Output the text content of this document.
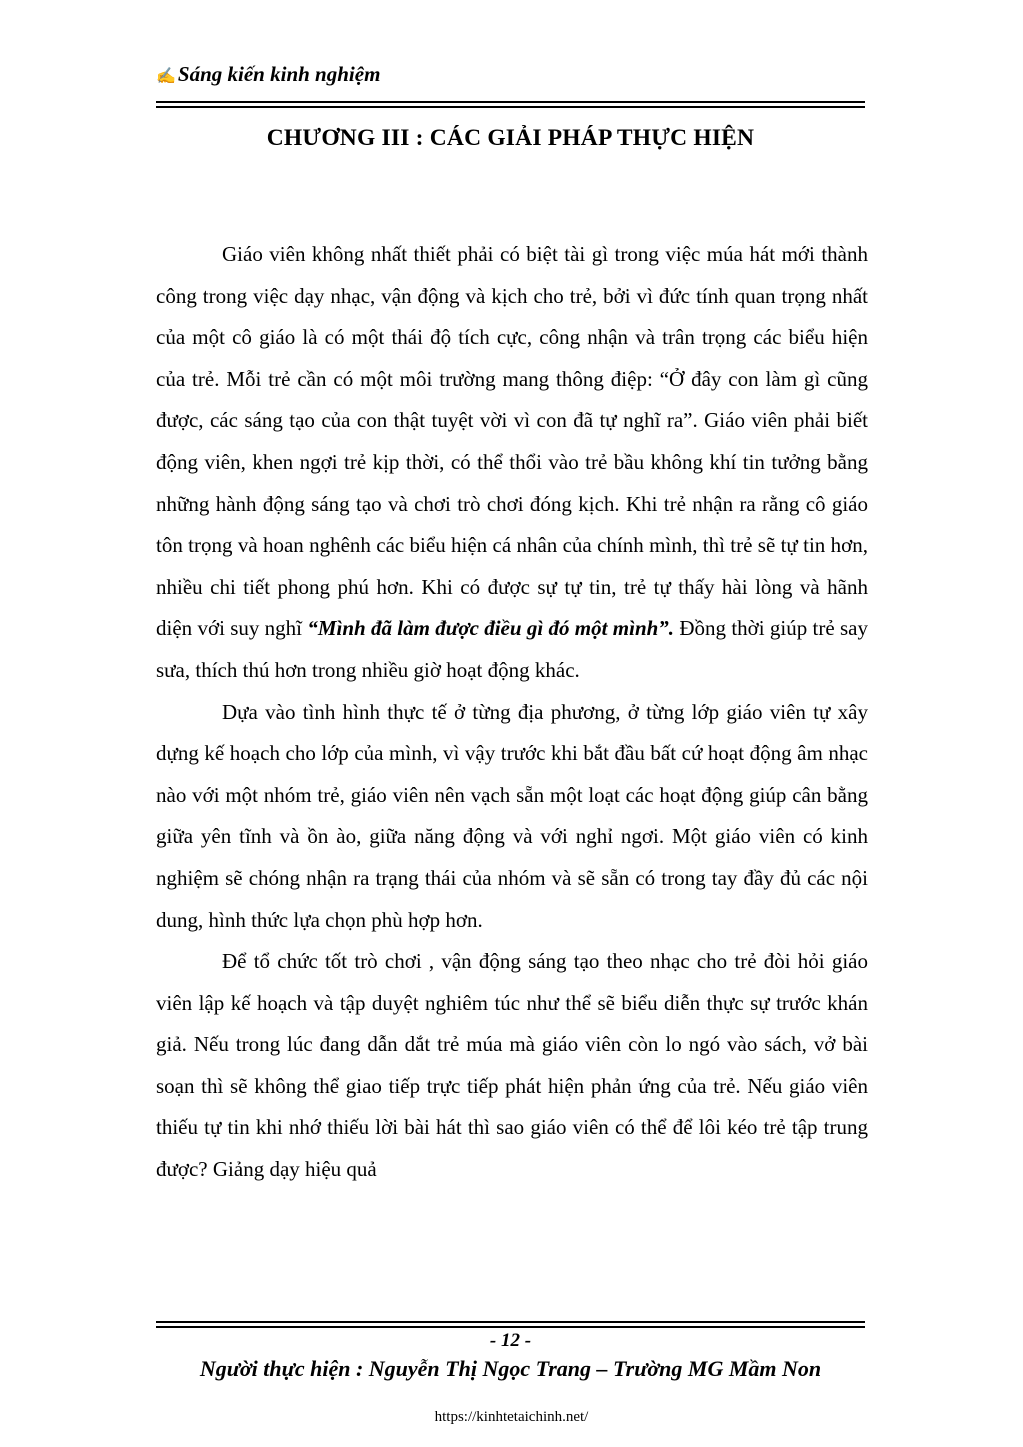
✍Sáng kiến kinh nghiệm
CHƯƠNG III : CÁC GIẢI PHÁP THỰC HIỆN

Giáo viên không nhất thiết phải có biệt tài gì trong việc múa hát mới thành công trong việc dạy nhạc, vận động và kịch cho trẻ, bởi vì đức tính quan trọng nhất của một cô giáo là có một thái độ tích cực, công nhận và trân trọng các biểu hiện của trẻ. Mỗi trẻ cần có một môi trường mang thông điệp: “Ở đây con làm gì cũng được, các sáng tạo của con thật tuyệt vời vì con đã tự nghĩ ra”. Giáo viên phải biết động viên, khen ngợi trẻ kịp thời, có thể thổi vào trẻ bầu không khí tin tưởng bằng những hành động sáng tạo và chơi trò chơi đóng kịch. Khi trẻ nhận ra rằng cô giáo tôn trọng và hoan nghênh các biểu hiện cá nhân của chính mình, thì trẻ sẽ tự tin hơn, nhiều chi tiết phong phú hơn. Khi có được sự tự tin, trẻ tự thấy hài lòng và hãnh diện với suy nghĩ “Mình đã làm được điều gì đó một mình”. Đồng thời giúp trẻ say sưa, thích thú hơn trong nhiều giờ hoạt động khác.

Dựa vào tình hình thực tế ở từng địa phương, ở từng lớp giáo viên tự xây dựng kế hoạch cho lớp của mình, vì vậy trước khi bắt đầu bất cứ hoạt động âm nhạc nào với một nhóm trẻ, giáo viên nên vạch sẵn một loạt các hoạt động giúp cân bằng giữa yên tĩnh và ồn ào, giữa năng động và với nghỉ ngơi. Một giáo viên có kinh nghiệm sẽ chóng nhận ra trạng thái của nhóm và sẽ sẵn có trong tay đầy đủ các nội dung, hình thức lựa chọn phù hợp hơn.

Để tổ chức tốt trò chơi , vận động sáng tạo theo nhạc cho trẻ đòi hỏi giáo viên lập kế hoạch và tập duyệt nghiêm túc như thể sẽ biểu diễn thực sự trước khán giả. Nếu trong lúc đang dẫn dắt trẻ múa mà giáo viên còn lo ngó vào sách, vở bài soạn thì sẽ không thể giao tiếp trực tiếp phát hiện phản ứng của trẻ. Nếu giáo viên thiếu tự tin khi nhớ thiếu lời bài hát thì sao giáo viên có thể để lôi kéo trẻ tập trung được? Giảng dạy hiệu quả

- 12 -
Người thực hiện : Nguyễn Thị Ngọc Trang – Trường MG Mầm Non
https://kinhtetaichinh.net/
